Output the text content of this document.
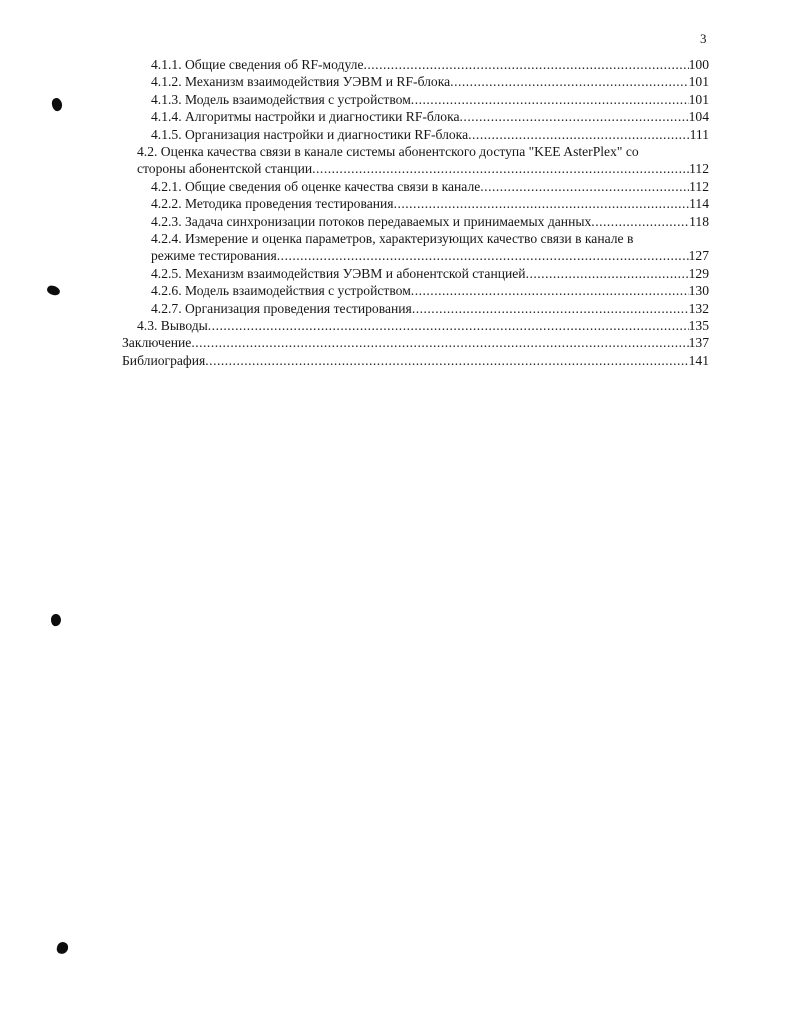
3
4.1.1. Общие сведения об RF-модуле .....	100
4.1.2. Механизм взаимодействия УЭВМ и RF-блока .....	101
4.1.3. Модель взаимодействия с устройством .....	101
4.1.4. Алгоритмы настройки и диагностики RF-блока .....	104
4.1.5. Организация настройки и диагностики RF-блока .....	111
4.2. Оценка качества связи в канале системы абонентского доступа "KEE AsterPlex" со
стороны абонентской станции .....	112
4.2.1. Общие сведения об оценке качества связи в канале .....	112
4.2.2. Методика проведения тестирования .....	114
4.2.3. Задача синхронизации потоков передаваемых и принимаемых данных .....	118
4.2.4. Измерение и оценка параметров, характеризующих качество связи в канале в
режиме тестирования .....	127
4.2.5. Механизм взаимодействия УЭВМ и абонентской станцией .....	129
4.2.6. Модель взаимодействия с устройством .....	130
4.2.7. Организация проведения тестирования .....	132
4.3. Выводы .....	135
Заключение .....	137
Библиография .....	141
